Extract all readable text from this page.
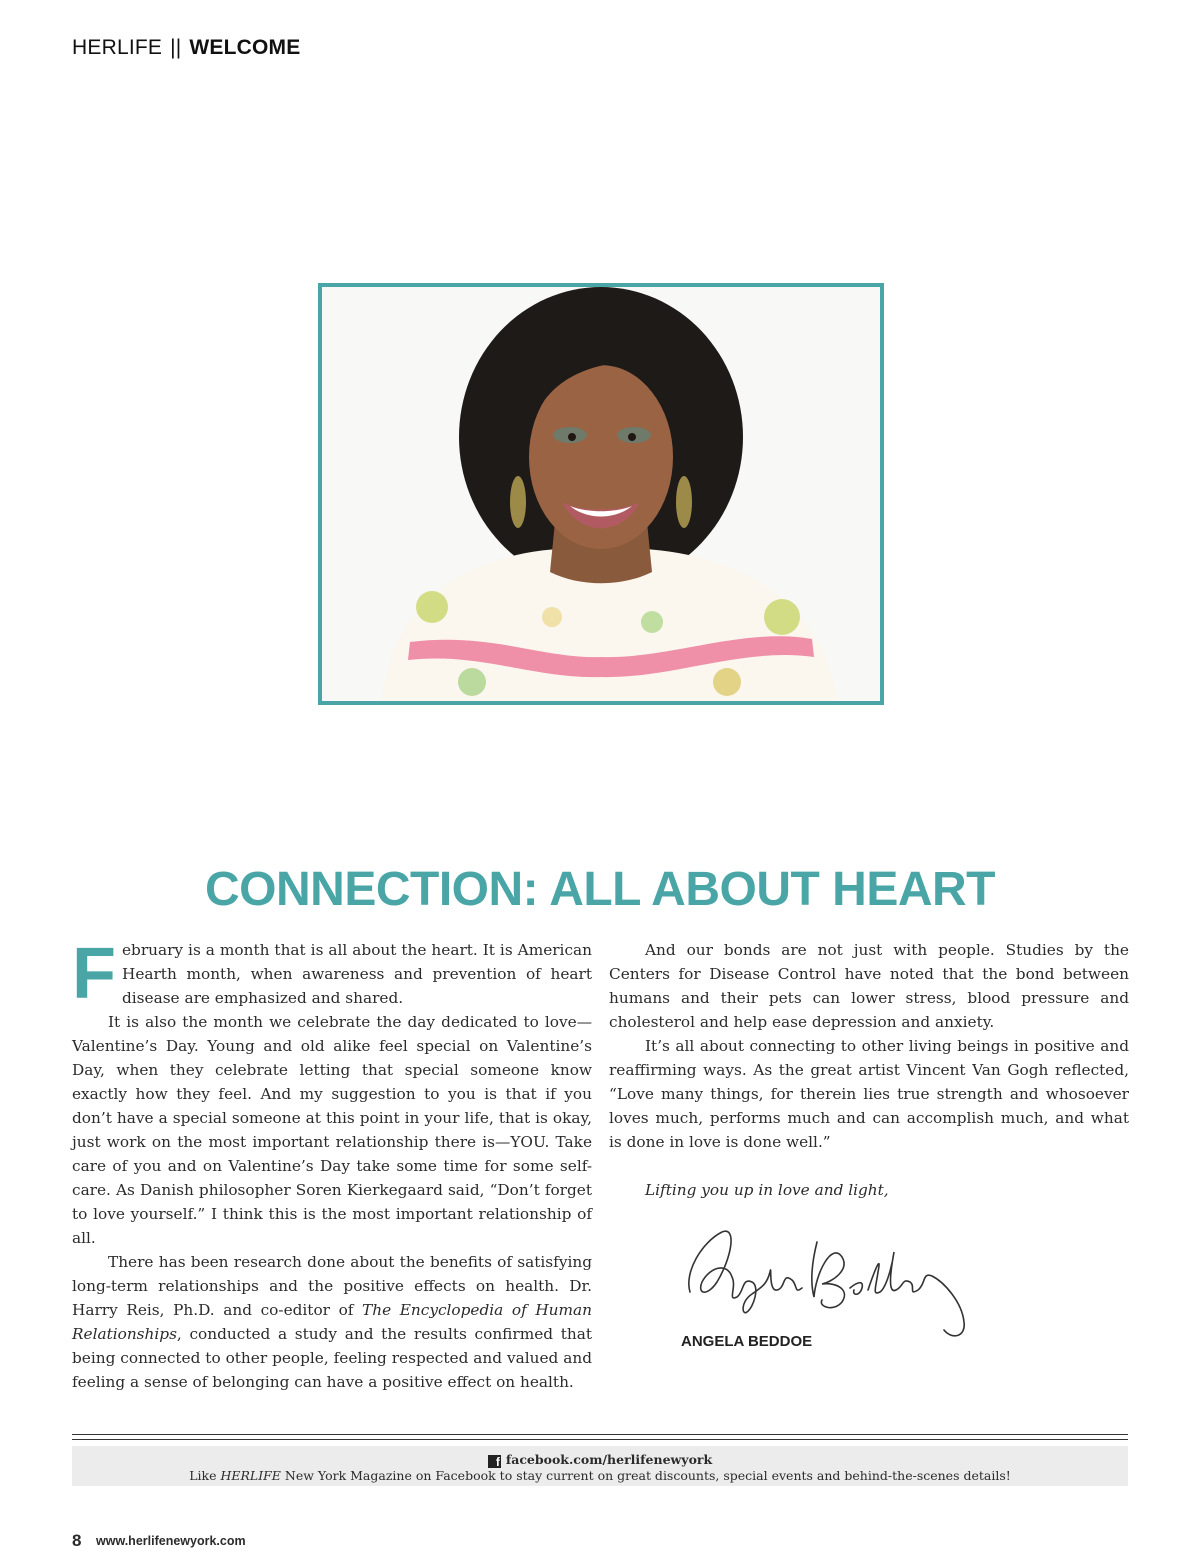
HERLIFE || WELCOME
CONNECTION: ALL ABOUT HEART

February is a month that is all about the heart. It is American Hearth month, when awareness and prevention of heart disease are emphasized and shared.

It is also the month we celebrate the day dedicated to love—Valentine’s Day. Young and old alike feel special on Valentine’s Day, when they celebrate letting that special someone know exactly how they feel. And my suggestion to you is that if you don’t have a special someone at this point in your life, that is okay, just work on the most important relationship there is—YOU. Take care of you and on Valentine’s Day take some time for some self-care. As Danish philosopher Soren Kierkegaard said, “Don’t forget to love yourself.” I think this is the most important relationship of all.

There has been research done about the benefits of satisfying long-term relationships and the positive effects on health. Dr. Harry Reis, Ph.D. and co-editor of The Encyclopedia of Human Relationships, conducted a study and the results confirmed that being connected to other people, feeling respected and valued and feeling a sense of belonging can have a positive effect on health.

And our bonds are not just with people. Studies by the Centers for Disease Control have noted that the bond between humans and their pets can lower stress, blood pressure and cholesterol and help ease depression and anxiety.

It’s all about connecting to other living beings in positive and reaffirming ways. As the great artist Vincent Van Gogh reflected, “Love many things, for therein lies true strength and whosoever loves much, performs much and can accomplish much, and what is done in love is done well.”

Lifting you up in love and light,

ANGELA BEDDOE
f facebook.com/herlifenewyork
Like HERLIFE New York Magazine on Facebook to stay current on great discounts, special events and behind-the-scenes details!
8 www.herlifenewyork.com
